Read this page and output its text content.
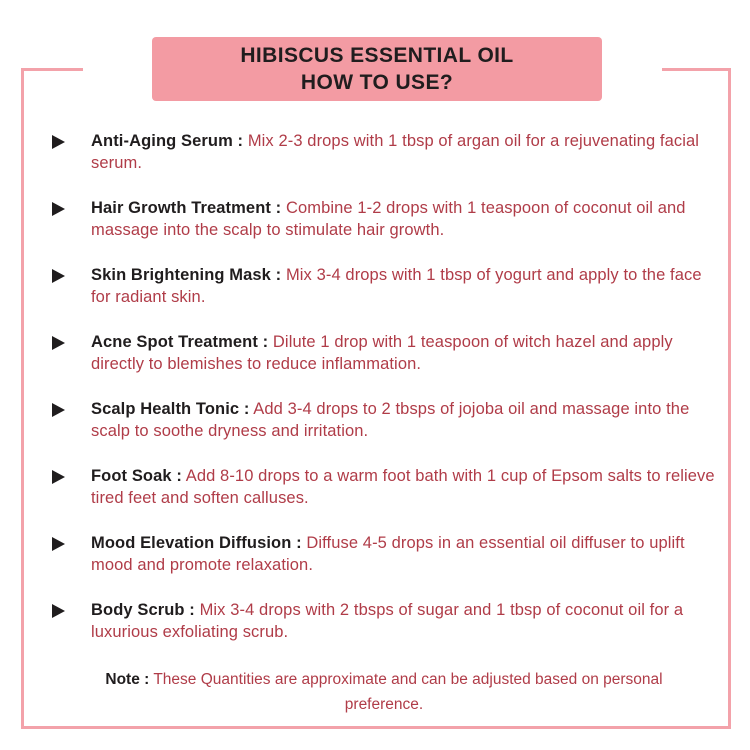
HIBISCUS ESSENTIAL OIL
HOW TO USE?
Anti-Aging Serum : Mix 2-3 drops with 1 tbsp of argan oil for a rejuvenating facial serum.
Hair Growth Treatment : Combine 1-2 drops with 1 teaspoon of coconut oil and massage into the scalp to stimulate hair growth.
Skin Brightening Mask : Mix 3-4 drops with 1 tbsp of yogurt and apply to the face for radiant skin.
Acne Spot Treatment : Dilute 1 drop with 1 teaspoon of witch hazel and apply directly to blemishes to reduce inflammation.
Scalp Health Tonic : Add 3-4 drops to 2 tbsps of jojoba oil and massage into the scalp to soothe dryness and irritation.
Foot Soak : Add 8-10 drops to a warm foot bath with 1 cup of Epsom salts to relieve tired feet and soften calluses.
Mood Elevation Diffusion : Diffuse 4-5 drops in an essential oil diffuser to uplift mood and promote relaxation.
Body Scrub : Mix 3-4 drops with 2 tbsps of sugar and 1 tbsp of coconut oil for a luxurious exfoliating scrub.
Note : These Quantities are approximate and can be adjusted based on personal preference.
